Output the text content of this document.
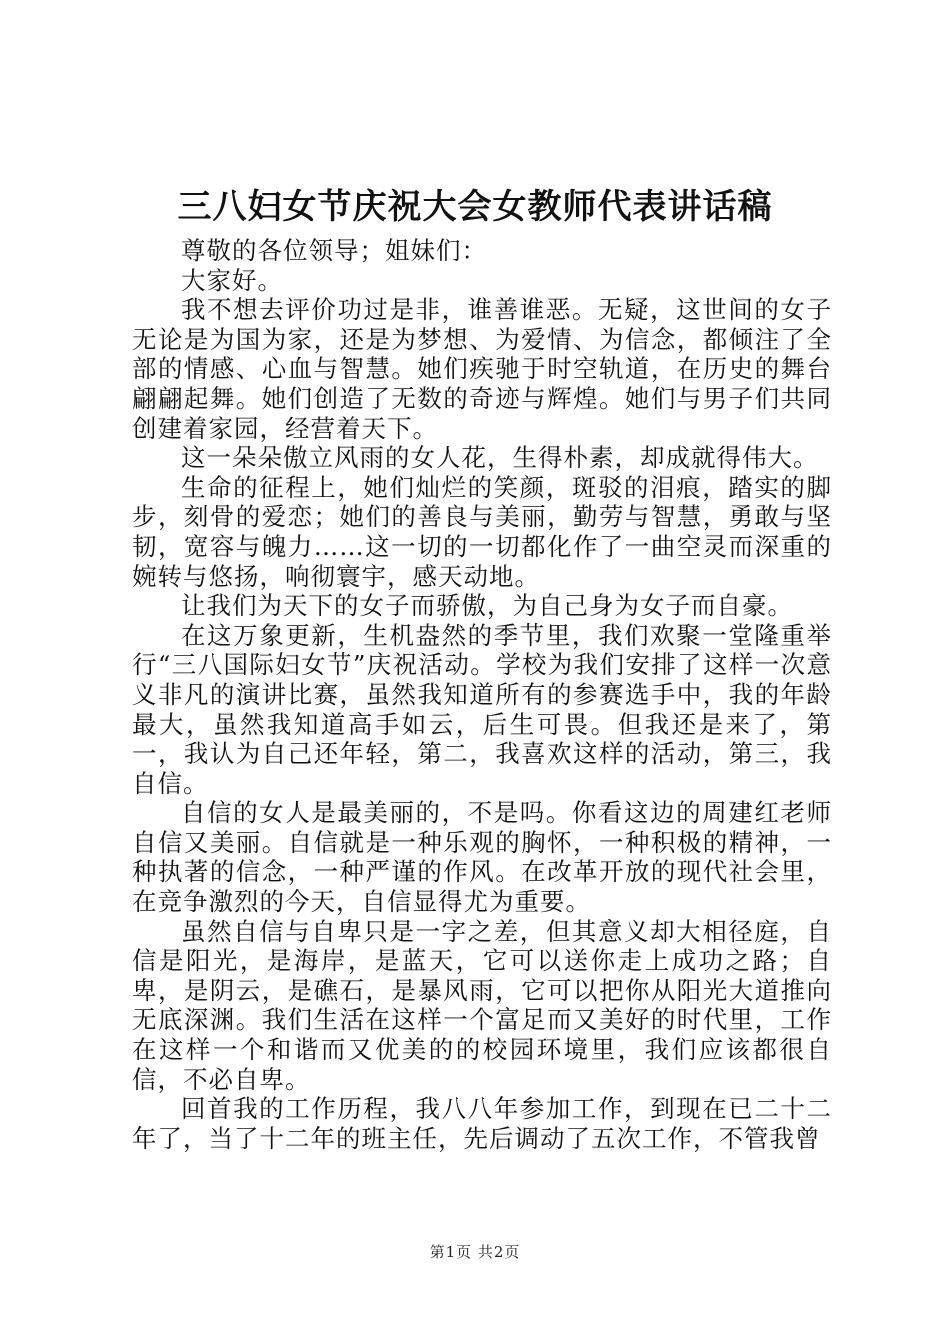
三八妇女节庆祝大会女教师代表讲话稿

尊敬的各位领导；姐妹们：

大家好。

我不想去评价功过是非，谁善谁恶。无疑，这世间的女子无论是为国为家，还是为梦想、为爱情、为信念，都倾注了全部的情感、心血与智慧。她们疾驰于时空轨道，在历史的舞台翩翩起舞。她们创造了无数的奇迹与辉煌。她们与男子们共同创建着家园，经营着天下。

这一朵朵傲立风雨的女人花，生得朴素，却成就得伟大。

生命的征程上，她们灿烂的笑颜，斑驳的泪痕，踏实的脚步，刻骨的爱恋；她们的善良与美丽，勤劳与智慧，勇敢与坚韧，宽容与魄力……这一切的一切都化作了一曲空灵而深重的婉转与悠扬，响彻寰宇，感天动地。

让我们为天下的女子而骄傲，为自己身为女子而自豪。

在这万象更新，生机盎然的季节里，我们欢聚一堂隆重举行“三八国际妇女节”庆祝活动。学校为我们安排了这样一次意义非凡的演讲比赛，虽然我知道所有的参赛选手中，我的年龄最大，虽然我知道高手如云，后生可畏。但我还是来了，第一，我认为自己还年轻，第二，我喜欢这样的活动，第三，我自信。

自信的女人是最美丽的，不是吗。你看这边的周建红老师自信又美丽。自信就是一种乐观的胸怀，一种积极的精神，一种执著的信念，一种严谨的作风。在改革开放的现代社会里，在竞争激烈的今天，自信显得尤为重要。

虽然自信与自卑只是一字之差，但其意义却大相径庭，自信是阳光，是海岸，是蓝天，它可以送你走上成功之路；自卑，是阴云，是礁石，是暴风雨，它可以把你从阳光大道推向无底深渊。我们生活在这样一个富足而又美好的时代里，工作在这样一个和谐而又优美的的校园环境里，我们应该都很自信，不必自卑。

回首我的工作历程，我八八年参加工作，到现在已二十二年了，当了十二年的班主任，先后调动了五次工作，不管我曾

第1页 共2页
